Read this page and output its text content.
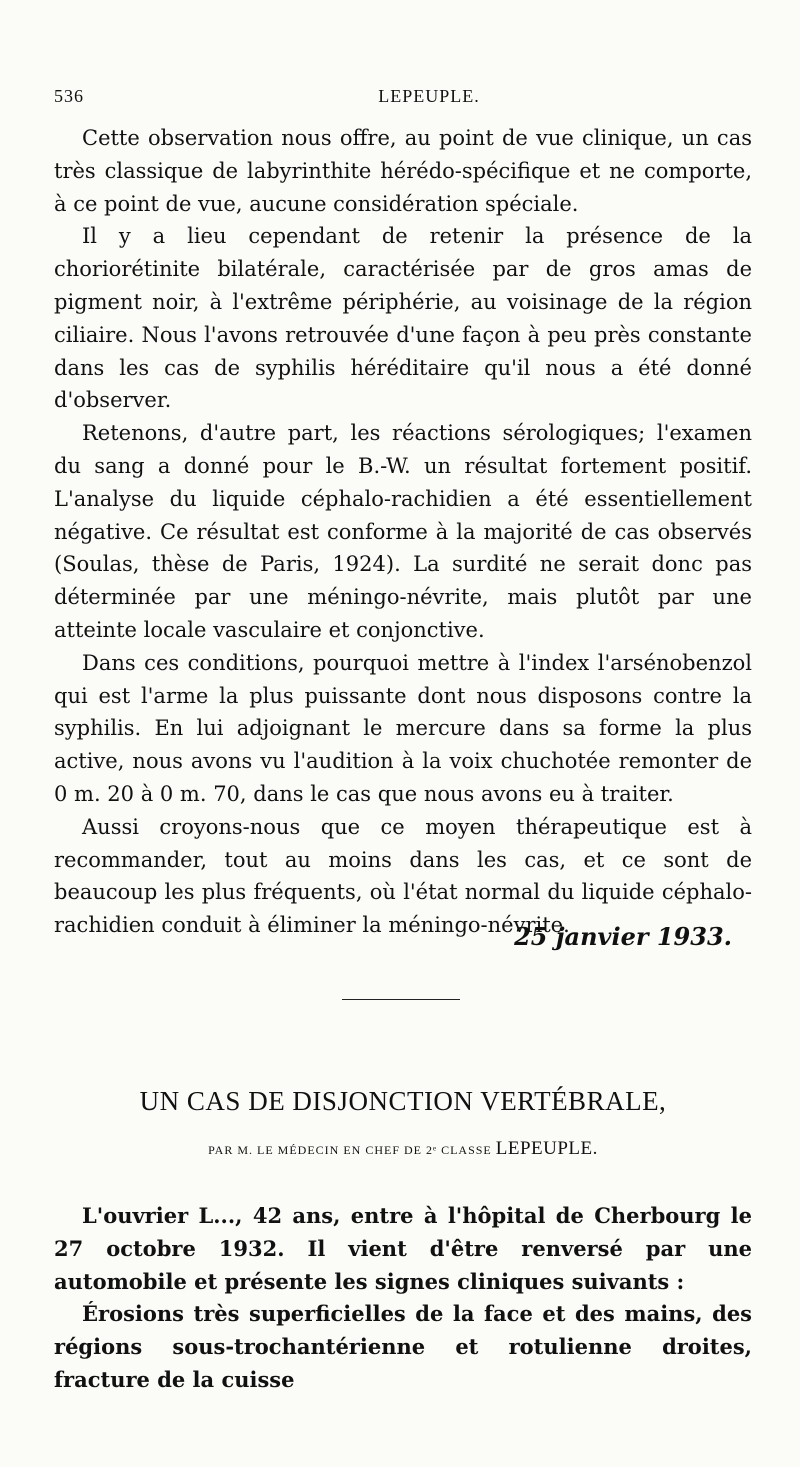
536	LEPEUPLE.

Cette observation nous offre, au point de vue clinique, un cas très classique de labyrinthite hérédo-spécifique et ne comporte, à ce point de vue, aucune considération spéciale.

Il y a lieu cependant de retenir la présence de la choriorétinite bilatérale, caractérisée par de gros amas de pigment noir, à l'extrême périphérie, au voisinage de la région ciliaire. Nous l'avons retrouvée d'une façon à peu près constante dans les cas de syphilis héréditaire qu'il nous a été donné d'observer.

Retenons, d'autre part, les réactions sérologiques; l'examen du sang a donné pour le B.-W. un résultat fortement positif. L'analyse du liquide céphalo-rachidien a été essentiellement négative. Ce résultat est conforme à la majorité de cas observés (Soulas, thèse de Paris, 1924). La surdité ne serait donc pas déterminée par une méningo-névrite, mais plutôt par une atteinte locale vasculaire et conjonctive.

Dans ces conditions, pourquoi mettre à l'index l'arsénobenzol qui est l'arme la plus puissante dont nous disposons contre la syphilis. En lui adjoignant le mercure dans sa forme la plus active, nous avons vu l'audition à la voix chuchotée remonter de 0 m. 20 à 0 m. 70, dans le cas que nous avons eu à traiter.

Aussi croyons-nous que ce moyen thérapeutique est à recommander, tout au moins dans les cas, et ce sont de beaucoup les plus fréquents, où l'état normal du liquide céphalo-rachidien conduit à éliminer la méningo-névrite.

25 janvier 1933.
UN CAS DE DISJONCTION VERTÉBRALE,
PAR M. LE MÉDECIN EN CHEF DE 2ᵉ CLASSE LEPEUPLE.

L'ouvrier L..., 42 ans, entre à l'hôpital de Cherbourg le 27 octobre 1932. Il vient d'être renversé par une automobile et présente les signes cliniques suivants :

Érosions très superficielles de la face et des mains, des régions sous-trochantérienne et rotulienne droites, fracture de la cuisse
